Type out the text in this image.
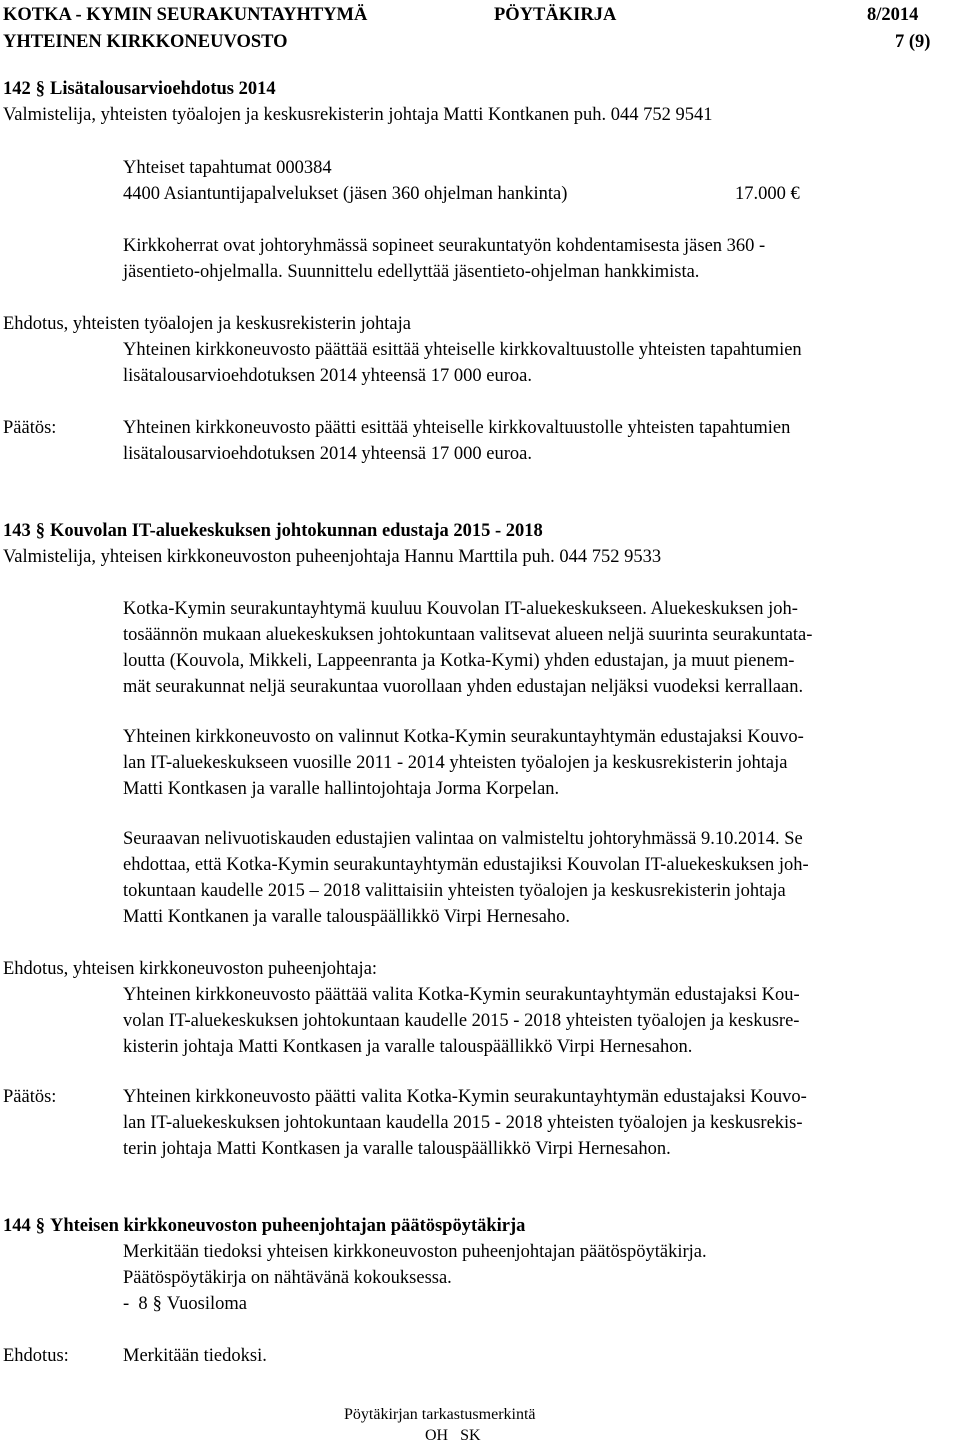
KOTKA - KYMIN SEURAKUNTAYHTYMÄ	PÖYTÄKIRJA	8/2014
YHTEINEN KIRKKONEUVOSTO	7 (9)
142 § Lisätalousarvioehdotus 2014
Valmistelija, yhteisten työalojen ja keskusrekisterin johtaja Matti Kontkanen puh. 044 752 9541
Yhteiset tapahtumat 000384
4400 Asiantuntijapalvelukset (jäsen 360 ohjelman hankinta)	17.000 €
Kirkkoherrat ovat johtoryhmässä sopineet seurakuntatyön kohdentamisesta jäsen 360 -
jäsentieto-ohjelmalla. Suunnittelu edellyttää jäsentieto-ohjelman hankkimista.
Ehdotus, yhteisten työalojen ja keskusrekisterin johtaja
Yhteinen kirkkoneuvosto päättää esittää yhteiselle kirkkovaltuustolle yhteisten tapahtumien
lisätalousarvioehdotuksen 2014 yhteensä 17 000 euroa.
Päätös:	Yhteinen kirkkoneuvosto päätti esittää yhteiselle kirkkovaltuustolle yhteisten tapahtumien
lisätalousarvioehdotuksen 2014 yhteensä 17 000 euroa.
143 § Kouvolan IT-aluekeskuksen johtokunnan edustaja 2015 - 2018
Valmistelija, yhteisen kirkkoneuvoston puheenjohtaja Hannu Marttila puh. 044 752 9533
Kotka-Kymin seurakuntayhtymä kuuluu Kouvolan IT-aluekeskukseen. Aluekeskuksen joh-
tosäännön mukaan aluekeskuksen johtokuntaan valitsevat alueen neljä suurinta seurakuntata-
loutta (Kouvola, Mikkeli, Lappeenranta ja Kotka-Kymi) yhden edustajan, ja muut pienem-
mät seurakunnat neljä seurakuntaa vuorollaan yhden edustajan neljäksi vuodeksi kerrallaan.
Yhteinen kirkkoneuvosto on valinnut Kotka-Kymin seurakuntayhtymän edustajaksi Kouvo-
lan IT-aluekeskukseen vuosille 2011 - 2014 yhteisten työalojen ja keskusrekisterin johtaja
Matti Kontkasen ja varalle hallintojohtaja Jorma Korpelan.
Seuraavan nelivuotiskauden edustajien valintaa on valmisteltu johtoryhmässä 9.10.2014. Se
ehdottaa, että Kotka-Kymin seurakuntayhtymän edustajiksi Kouvolan IT-aluekeskuksen joh-
tokuntaan kaudelle 2015 – 2018 valittaisiin yhteisten työalojen ja keskusrekisterin johtaja
Matti Kontkanen ja varalle talouspäällikkö Virpi Hernesaho.
Ehdotus, yhteisen kirkkoneuvoston puheenjohtaja:
Yhteinen kirkkoneuvosto päättää valita Kotka-Kymin seurakuntayhtymän edustajaksi Kou-
volan IT-aluekeskuksen johtokuntaan kaudelle 2015 - 2018 yhteisten työalojen ja keskusre-
kisterin johtaja Matti Kontkasen ja varalle talouspäällikkö Virpi Hernesahon.
Päätös:	Yhteinen kirkkoneuvosto päätti valita Kotka-Kymin seurakuntayhtymän edustajaksi Kouvo-
lan IT-aluekeskuksen johtokuntaan kaudella 2015 - 2018 yhteisten työalojen ja keskusrekis-
terin johtaja Matti Kontkasen ja varalle talouspäällikkö Virpi Hernesahon.
144 § Yhteisen kirkkoneuvoston puheenjohtajan päätöspöytäkirja
Merkitään tiedoksi yhteisen kirkkoneuvoston puheenjohtajan päätöspöytäkirja.
Päätöspöytäkirja on nähtävänä kokouksessa.
- 8 § Vuosiloma
Ehdotus:	Merkitään tiedoksi.
Pöytäkirjan tarkastusmerkintä
OH   SK
